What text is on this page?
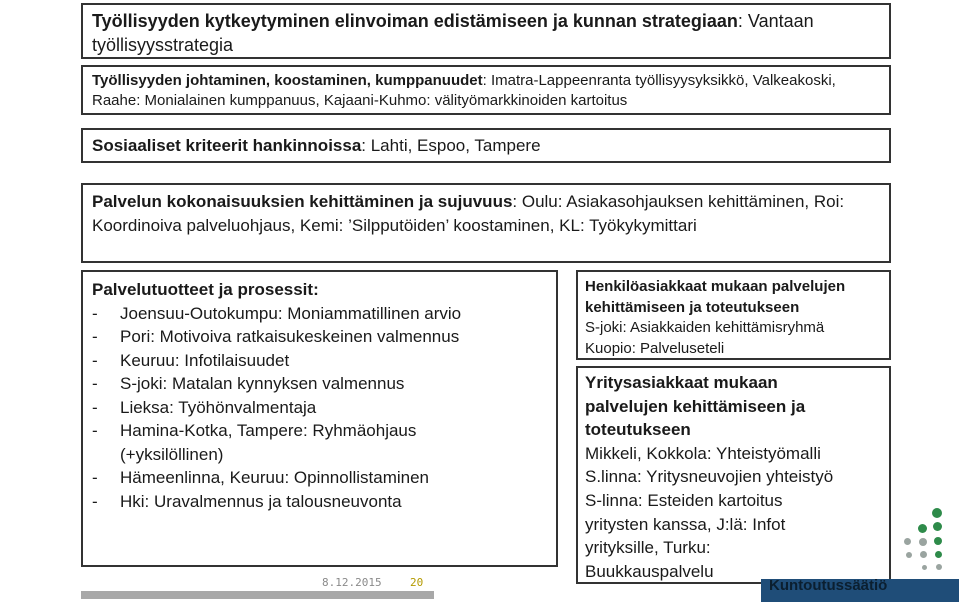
Työllisyyden kytkeytyminen elinvoiman edistämiseen ja kunnan strategiaan: Vantaan työllisyysstrategia
Työllisyyden johtaminen, koostaminen, kumppanuudet: Imatra-Lappeenranta työllisyysyksikkö, Valkeakoski, Raahe: Monialainen kumppanuus, Kajaani-Kuhmo: välityömarkkinoiden kartoitus
Sosiaaliset kriteerit hankinnoissa: Lahti, Espoo, Tampere
Palvelun kokonaisuuksien kehittäminen ja sujuvuus: Oulu: Asiakasohjauksen kehittäminen, Roi: Koordinoiva palveluohjaus, Kemi: ’Silpputöiden’ koostaminen, KL: Työkykymittari
Palvelutuotteet ja prosessit:
- Joensuu-Outokumpu: Moniammatillinen arvio
- Pori: Motivoiva ratkaisukeskeinen valmennus
- Keuruu: Infotilaisuudet
- S-joki: Matalan kynnyksen valmennus
- Lieksa: Työhönvalmentaja
- Hamina-Kotka, Tampere: Ryhmäohjaus
(+yksilöllinen)
- Hämeenlinna, Keuruu: Opinnollistaminen
- Hki: Uravalmennus ja talousneuvonta
Henkilöasiakkaat mukaan palvelujen
kehittämiseen ja toteutukseen
S-joki: Asiakkaiden kehittämisryhmä
Kuopio: Palveluseteli
Yritysasiakkaat mukaan
palvelujen kehittämiseen ja
toteutukseen
Mikkeli, Kokkola: Yhteistyömalli
S.linna: Yritysneuvojien yhteistyö
S-linna: Esteiden kartoitus
yritysten kanssa, J:lä: Infot
yrityksille, Turku:
Buukkauspalvelu
8.12.2015	20	Kuntoutussäätiö
